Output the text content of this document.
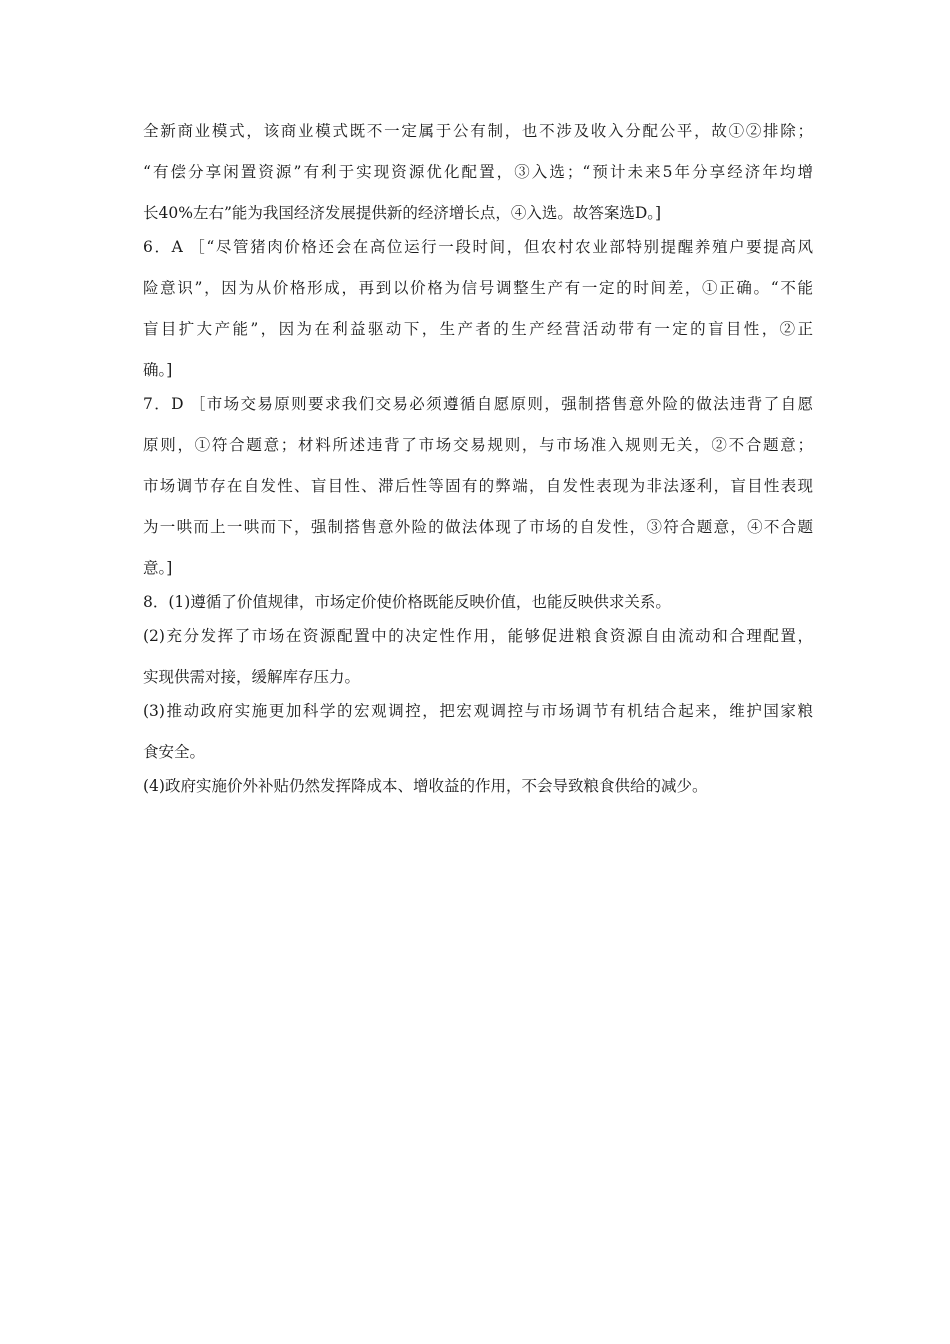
全新商业模式，该商业模式既不一定属于公有制，也不涉及收入分配公平，故①②排除；

“有偿分享闲置资源”有利于实现资源优化配置，③入选；“预计未来5年分享经济年均增

长40%左右”能为我国经济发展提供新的经济增长点，④入选。故答案选D。]

6．A ［“尽管猪肉价格还会在高位运行一段时间，但农村农业部特别提醒养殖户要提高风

险意识”，因为从价格形成，再到以价格为信号调整生产有一定的时间差，①正确。“不能

盲目扩大产能”，因为在利益驱动下，生产者的生产经营活动带有一定的盲目性，②正

确。]

7．D ［市场交易原则要求我们交易必须遵循自愿原则，强制搭售意外险的做法违背了自愿

原则，①符合题意；材料所述违背了市场交易规则，与市场准入规则无关，②不合题意；

市场调节存在自发性、盲目性、滞后性等固有的弊端，自发性表现为非法逐利，盲目性表现

为一哄而上一哄而下，强制搭售意外险的做法体现了市场的自发性，③符合题意，④不合题

意。]

8．(1)遵循了价值规律，市场定价使价格既能反映价值，也能反映供求关系。

(2)充分发挥了市场在资源配置中的决定性作用，能够促进粮食资源自由流动和合理配置，

实现供需对接，缓解库存压力。

(3)推动政府实施更加科学的宏观调控，把宏观调控与市场调节有机结合起来，维护国家粮

食安全。

(4)政府实施价外补贴仍然发挥降成本、增收益的作用，不会导致粮食供给的减少。
